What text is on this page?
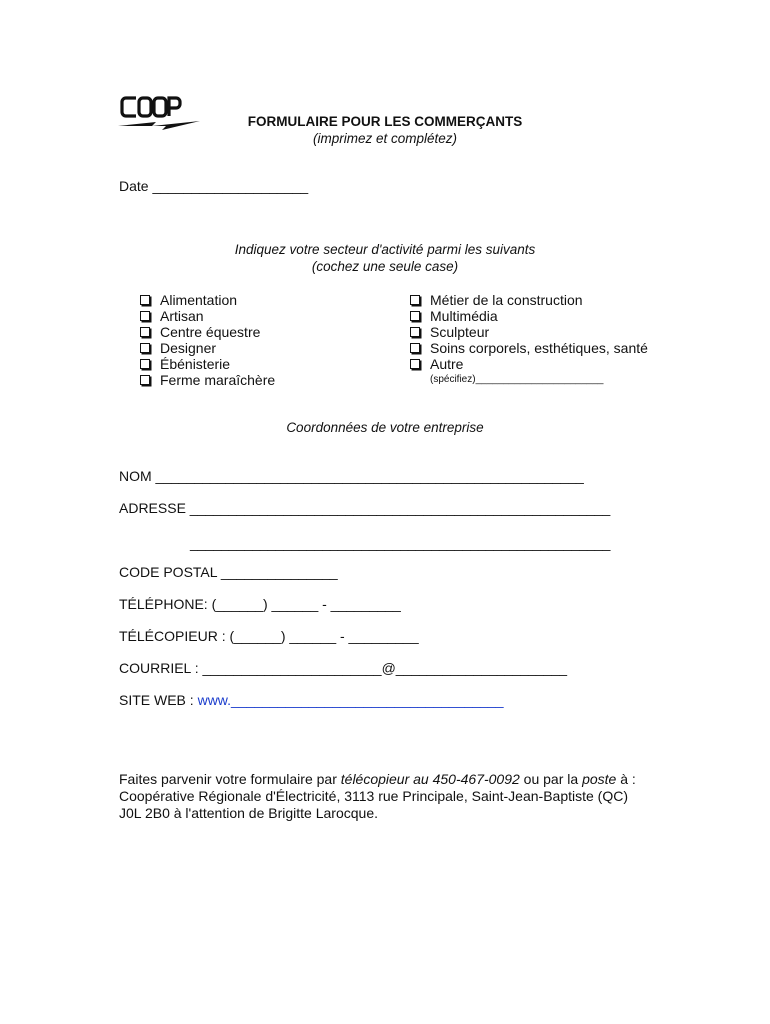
FORMULAIRE POUR LES COMMERÇANTS
(imprimez et complétez)
Date ____________________
Indiquez votre secteur d'activité parmi les suivants
(cochez une seule case)
Alimentation
Artisan
Centre équestre
Designer
Ébénisterie
Ferme maraîchère
Métier de la construction
Multimédia
Sculpteur
Soins corporels, esthétiques, santé
Autre
(spécifiez)_______________________
Coordonnées de votre entreprise
NOM _______________________________________________________
ADRESSE ______________________________________________________
______________________________________________________
CODE POSTAL _______________
TÉLÉPHONE: (______) ______ - _________
TÉLÉCOPIEUR : (______) ______ - _________
COURRIEL : _______________________@______________________
SITE WEB : www.___________________________________
Faites parvenir votre formulaire par télécopieur au 450-467-0092 ou par la poste à :
Coopérative Régionale d'Électricité, 3113 rue Principale, Saint-Jean-Baptiste (QC)
J0L 2B0 à l'attention de Brigitte Larocque.
